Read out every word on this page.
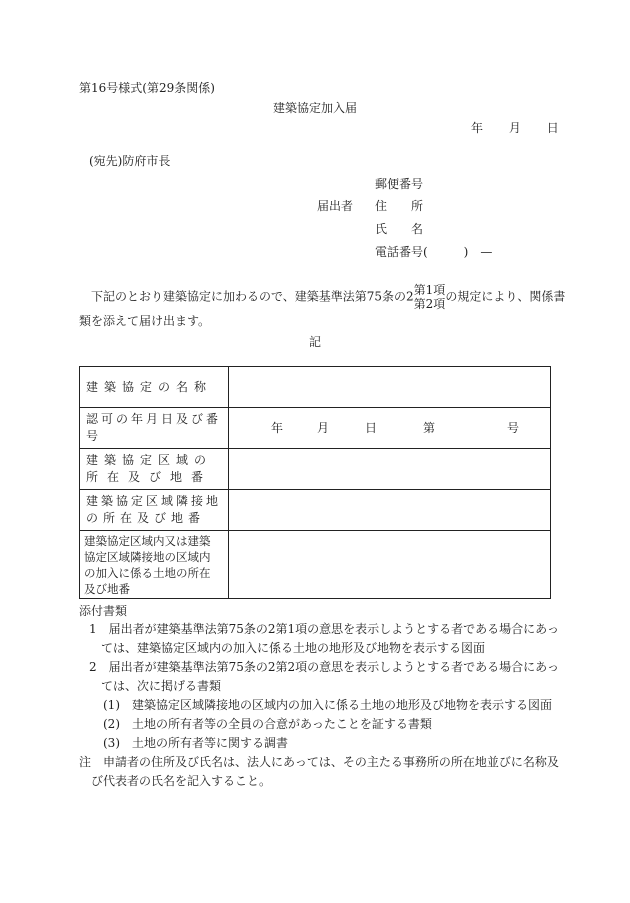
第16号様式(第29条関係)
建築協定加入届
年 月 日
(宛先)防府市長
郵便番号
届出者 住　　所
氏　　名
電話番号(　　　)　—
下記のとおり建築協定に加わるので、建築基準法第75条の2第1項
第2項の規定により、関係書
類を添えて届け出ます。
記
建築協定の名称	
認可の年月日及び番号	年 月 日 第 号

建築協定区域の
所在及び地番	

建築協定区域隣接地
の所在及び地番	

建築協定区域内又は建築
協定区域隣接地の区域内
の加入に係る土地の所在
及び地番	

添付書類
1　届出者が建築基準法第75条の2第1項の意思を表示しようとする者である場合にあっ
ては、建築協定区域内の加入に係る土地の地形及び地物を表示する図面
2　届出者が建築基準法第75条の2第2項の意思を表示しようとする者である場合にあっ
ては、次に掲げる書類
(1)　建築協定区域隣接地の区域内の加入に係る土地の地形及び地物を表示する図面
(2)　土地の所有者等の全員の合意があったことを証する書類
(3)　土地の所有者等に関する調書
注　申請者の住所及び氏名は、法人にあっては、その主たる事務所の所在地並びに名称及
び代表者の氏名を記入すること。
